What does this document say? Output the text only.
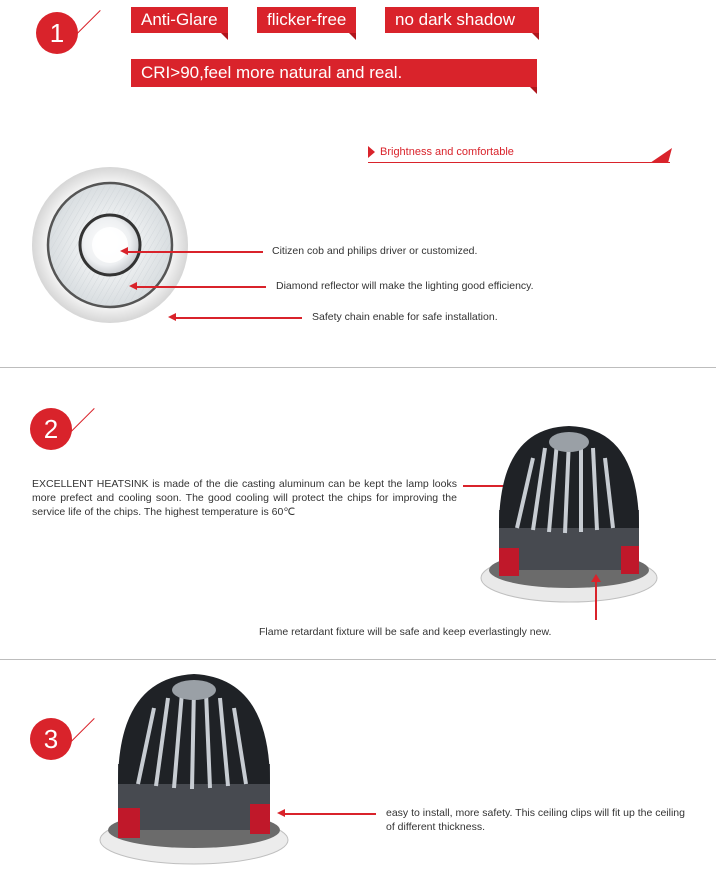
1	Anti-Glare	flicker-free	no dark shadow
CRI>90,feel more natural and real.
Brightness and comfortable
Citizen cob and philips driver or customized.
Diamond reflector will make the lighting good efficiency.
Safety chain enable for safe installation.
2
EXCELLENT HEATSINK is made of the die casting aluminum can be kept the lamp looks more prefect and cooling soon. The good cooling will protect the chips for improving the service life of the chips. The highest temperature is 60℃
Flame retardant fixture will be safe and keep everlastingly new.
3
easy to install, more safety. This ceiling clips will fit up the ceiling of different thickness.
